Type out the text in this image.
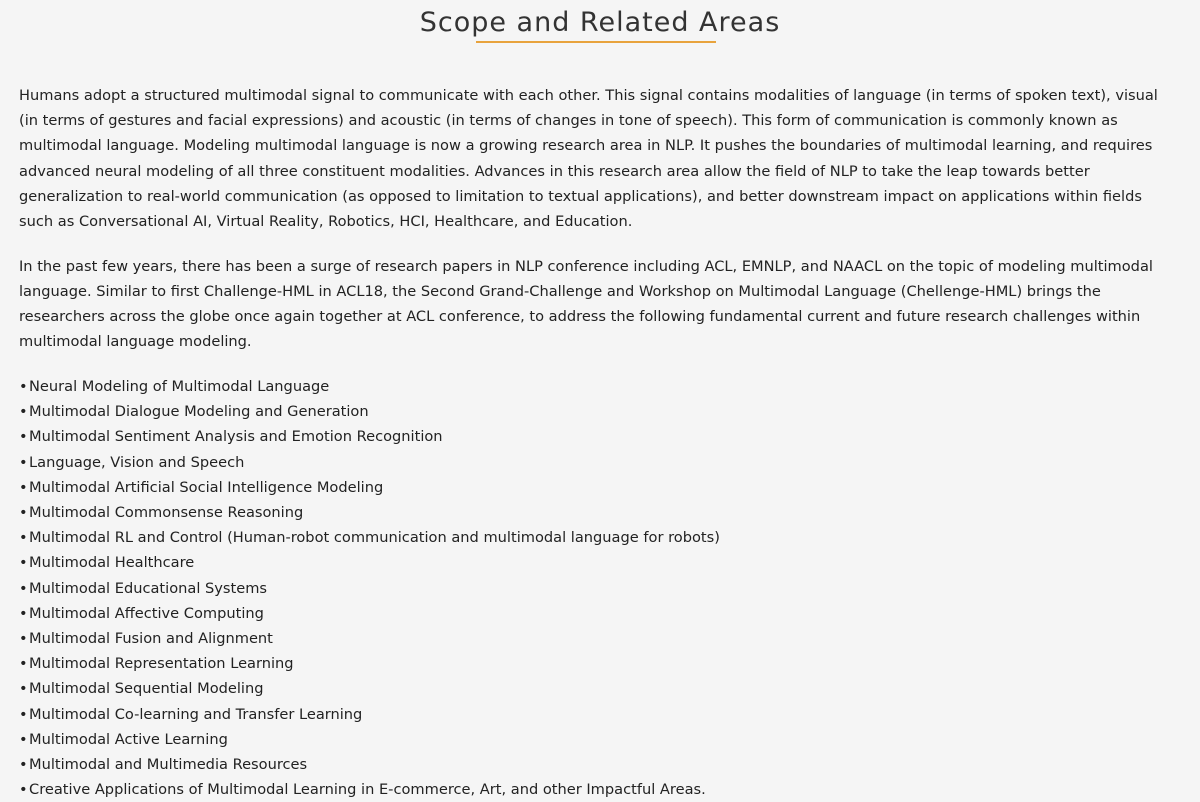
Scope and Related Areas

Humans adopt a structured multimodal signal to communicate with each other. This signal contains modalities of language (in terms of spoken text), visual (in terms of gestures and facial expressions) and acoustic (in terms of changes in tone of speech). This form of communication is commonly known as multimodal language. Modeling multimodal language is now a growing research area in NLP. It pushes the boundaries of multimodal learning, and requires advanced neural modeling of all three constituent modalities. Advances in this research area allow the field of NLP to take the leap towards better generalization to real-world communication (as opposed to limitation to textual applications), and better downstream impact on applications within fields such as Conversational AI, Virtual Reality, Robotics, HCI, Healthcare, and Education.

In the past few years, there has been a surge of research papers in NLP conference including ACL, EMNLP, and NAACL on the topic of modeling multimodal language. Similar to first Challenge-HML in ACL18, the Second Grand-Challenge and Workshop on Multimodal Language (Chellenge-HML) brings the researchers across the globe once again together at ACL conference, to address the following fundamental current and future research challenges within multimodal language modeling.

• Neural Modeling of Multimodal Language
• Multimodal Dialogue Modeling and Generation
• Multimodal Sentiment Analysis and Emotion Recognition
• Language, Vision and Speech
• Multimodal Artificial Social Intelligence Modeling
• Multimodal Commonsense Reasoning
• Multimodal RL and Control (Human-robot communication and multimodal language for robots)
• Multimodal Healthcare
• Multimodal Educational Systems
• Multimodal Affective Computing
• Multimodal Fusion and Alignment
• Multimodal Representation Learning
• Multimodal Sequential Modeling
• Multimodal Co-learning and Transfer Learning
• Multimodal Active Learning
• Multimodal and Multimedia Resources
• Creative Applications of Multimodal Learning in E-commerce, Art, and other Impactful Areas.
